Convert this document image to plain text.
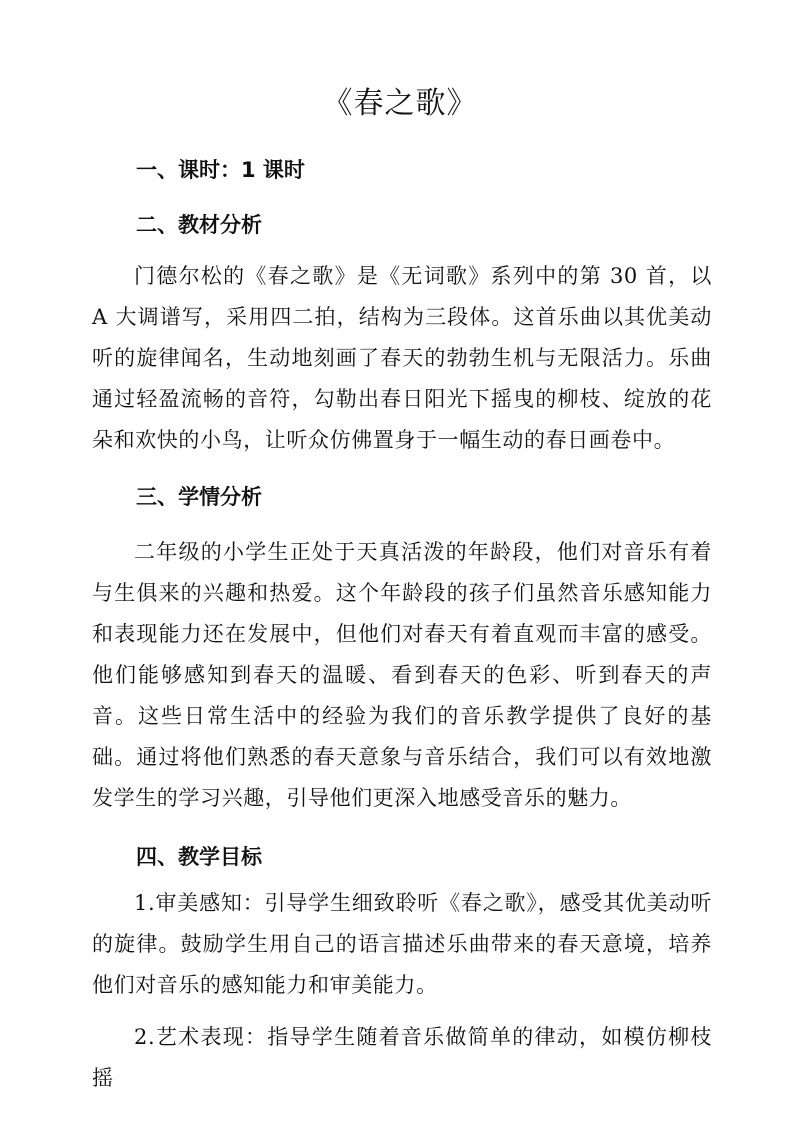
《春之歌》
一、课时：1 课时
二、教材分析
门德尔松的《春之歌》是《无词歌》系列中的第 30 首，以 A 大调谱写，采用四二拍，结构为三段体。这首乐曲以其优美动听的旋律闻名，生动地刻画了春天的勃勃生机与无限活力。乐曲通过轻盈流畅的音符，勾勒出春日阳光下摇曳的柳枝、绽放的花朵和欢快的小鸟，让听众仿佛置身于一幅生动的春日画卷中。
三、学情分析
二年级的小学生正处于天真活泼的年龄段，他们对音乐有着与生俱来的兴趣和热爱。这个年龄段的孩子们虽然音乐感知能力和表现能力还在发展中，但他们对春天有着直观而丰富的感受。他们能够感知到春天的温暖、看到春天的色彩、听到春天的声音。这些日常生活中的经验为我们的音乐教学提供了良好的基础。通过将他们熟悉的春天意象与音乐结合，我们可以有效地激发学生的学习兴趣，引导他们更深入地感受音乐的魅力。
四、教学目标
1.审美感知：引导学生细致聆听《春之歌》，感受其优美动听的旋律。鼓励学生用自己的语言描述乐曲带来的春天意境，培养他们对音乐的感知能力和审美能力。
2.艺术表现：指导学生随着音乐做简单的律动，如模仿柳枝摇
